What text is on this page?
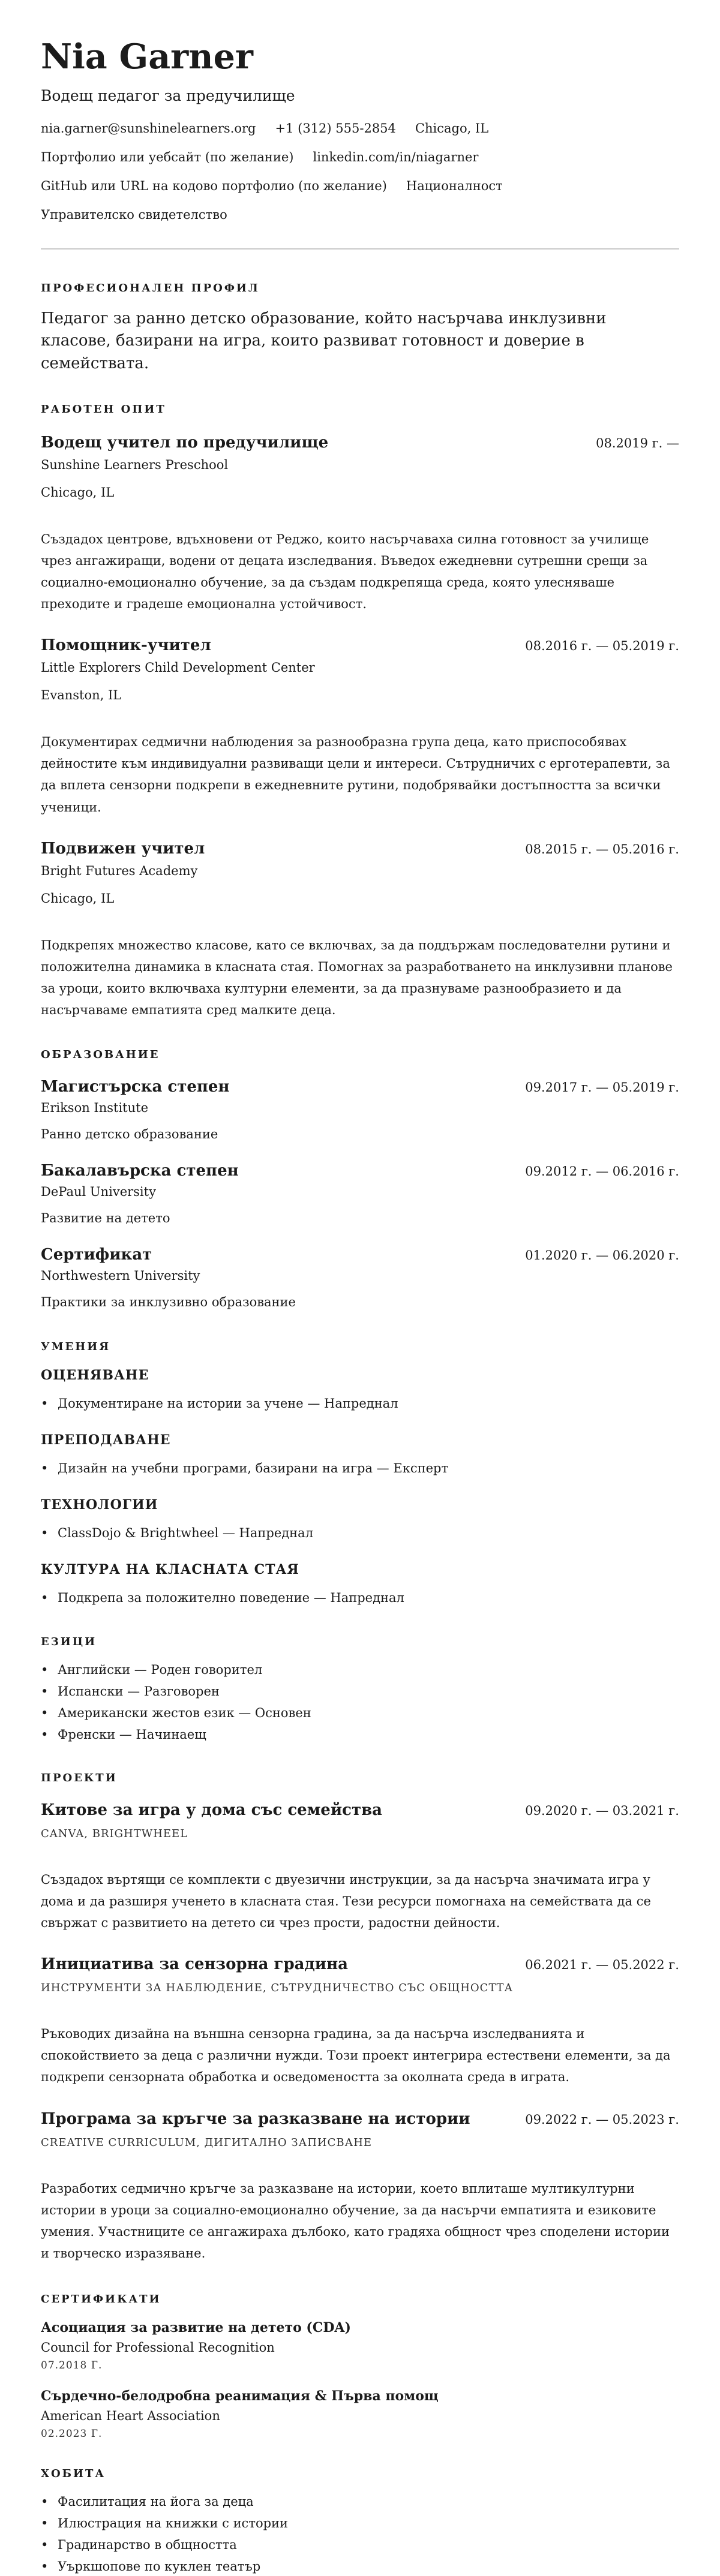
Nia Garner
Водещ педагог за предучилище
nia.garner@sunshinelearners.org +1 (312) 555-2854 Chicago, IL
Портфолио или уебсайт (по желание) linkedin.com/in/niagarner
GitHub или URL на кодово портфолио (по желание) Националност
Управителско свидетелство
ПРОФЕСИОНАЛЕН ПРОФИЛ

Педагог за ранно детско образование, който насърчава инклузивни класове, базирани на игра, които развиват готовност и доверие в семействата.

РАБОТЕН ОПИТ
Водещ учител по предучилище	08.2019 г. —
Sunshine Learners Preschool
Chicago, IL

Създадох центрове, вдъхновени от Реджо, които насърчаваха силна готовност за училище чрез ангажиращи, водени от децата изследвания. Въведох ежедневни сутрешни срещи за социално-емоционално обучение, за да създам подкрепяща среда, която улесняваше преходите и градеше емоционална устойчивост.

Помощник-учител	08.2016 г. — 05.2019 г.
Little Explorers Child Development Center
Evanston, IL

Документирах седмични наблюдения за разнообразна група деца, като приспособявах дейностите към индивидуални развиващи цели и интереси. Сътрудничих с ерготерапевти, за да вплета сензорни подкрепи в ежедневните рутини, подобрявайки достъпността за всички ученици.

Подвижен учител	08.2015 г. — 05.2016 г.
Bright Futures Academy
Chicago, IL

Подкрепях множество класове, като се включвах, за да поддържам последователни рутини и положителна динамика в класната стая. Помогнах за разработването на инклузивни планове за уроци, които включваха културни елементи, за да празнуваме разнообразието и да насърчаваме емпатията сред малките деца.

ОБРАЗОВАНИЕ
Магистърска степен	09.2017 г. — 05.2019 г.
Erikson Institute
Ранно детско образование
Бакалавърска степен	09.2012 г. — 06.2016 г.
DePaul University
Развитие на детето
Сертификат	01.2020 г. — 06.2020 г.
Northwestern University
Практики за инклузивно образование
УМЕНИЯ
ОЦЕНЯВАНЕ
• Документиране на истории за учене — Напреднал
ПРЕПОДАВАНЕ
• Дизайн на учебни програми, базирани на игра — Експерт
ТЕХНОЛОГИИ
• ClassDojo & Brightwheel — Напреднал
КУЛТУРА НА КЛАСНАТА СТАЯ
• Подкрепа за положително поведение — Напреднал
ЕЗИЦИ
• Английски — Роден говорител
• Испански — Разговорен
• Американски жестов език — Основен
• Френски — Начинаещ
ПРОЕКТИ
Китове за игра у дома със семейства	09.2020 г. — 03.2021 г.
CANVA, BRIGHTWHEEL

Създадох въртящи се комплекти с двуезични инструкции, за да насърча значимата игра у дома и да разширя ученето в класната стая. Тези ресурси помогнаха на семействата да се свържат с развитието на детето си чрез прости, радостни дейности.

Инициатива за сензорна градина	06.2021 г. — 05.2022 г.
ИНСТРУМЕНТИ ЗА НАБЛЮДЕНИЕ, СЪТРУДНИЧЕСТВО СЪС ОБЩНОСТТА

Ръководих дизайна на външна сензорна градина, за да насърча изследванията и спокойствието за деца с различни нужди. Този проект интегрира естествени елементи, за да подкрепи сензорната обработка и осведомеността за околната среда в играта.

Програма за кръгче за разказване на истории	09.2022 г. — 05.2023 г.
CREATIVE CURRICULUM, ДИГИТАЛНО ЗАПИСВАНЕ

Разработих седмично кръгче за разказване на истории, което вплиташе мултикултурни истории в уроци за социално-емоционално обучение, за да насърчи емпатията и езиковите умения. Участниците се ангажираха дълбоко, като градяха общност чрез споделени истории и творческо изразяване.

СЕРТИФИКАТИ
Асоциация за развитие на детето (CDA)
Council for Professional Recognition
07.2018 Г.
Сърдечно-белодробна реанимация & Първа помощ
American Heart Association
02.2023 Г.
ХОБИТА
• Фасилитация на йога за деца
• Илюстрация на книжки с истории
• Градинарство в общността
• Уъркшопове по куклен театър
